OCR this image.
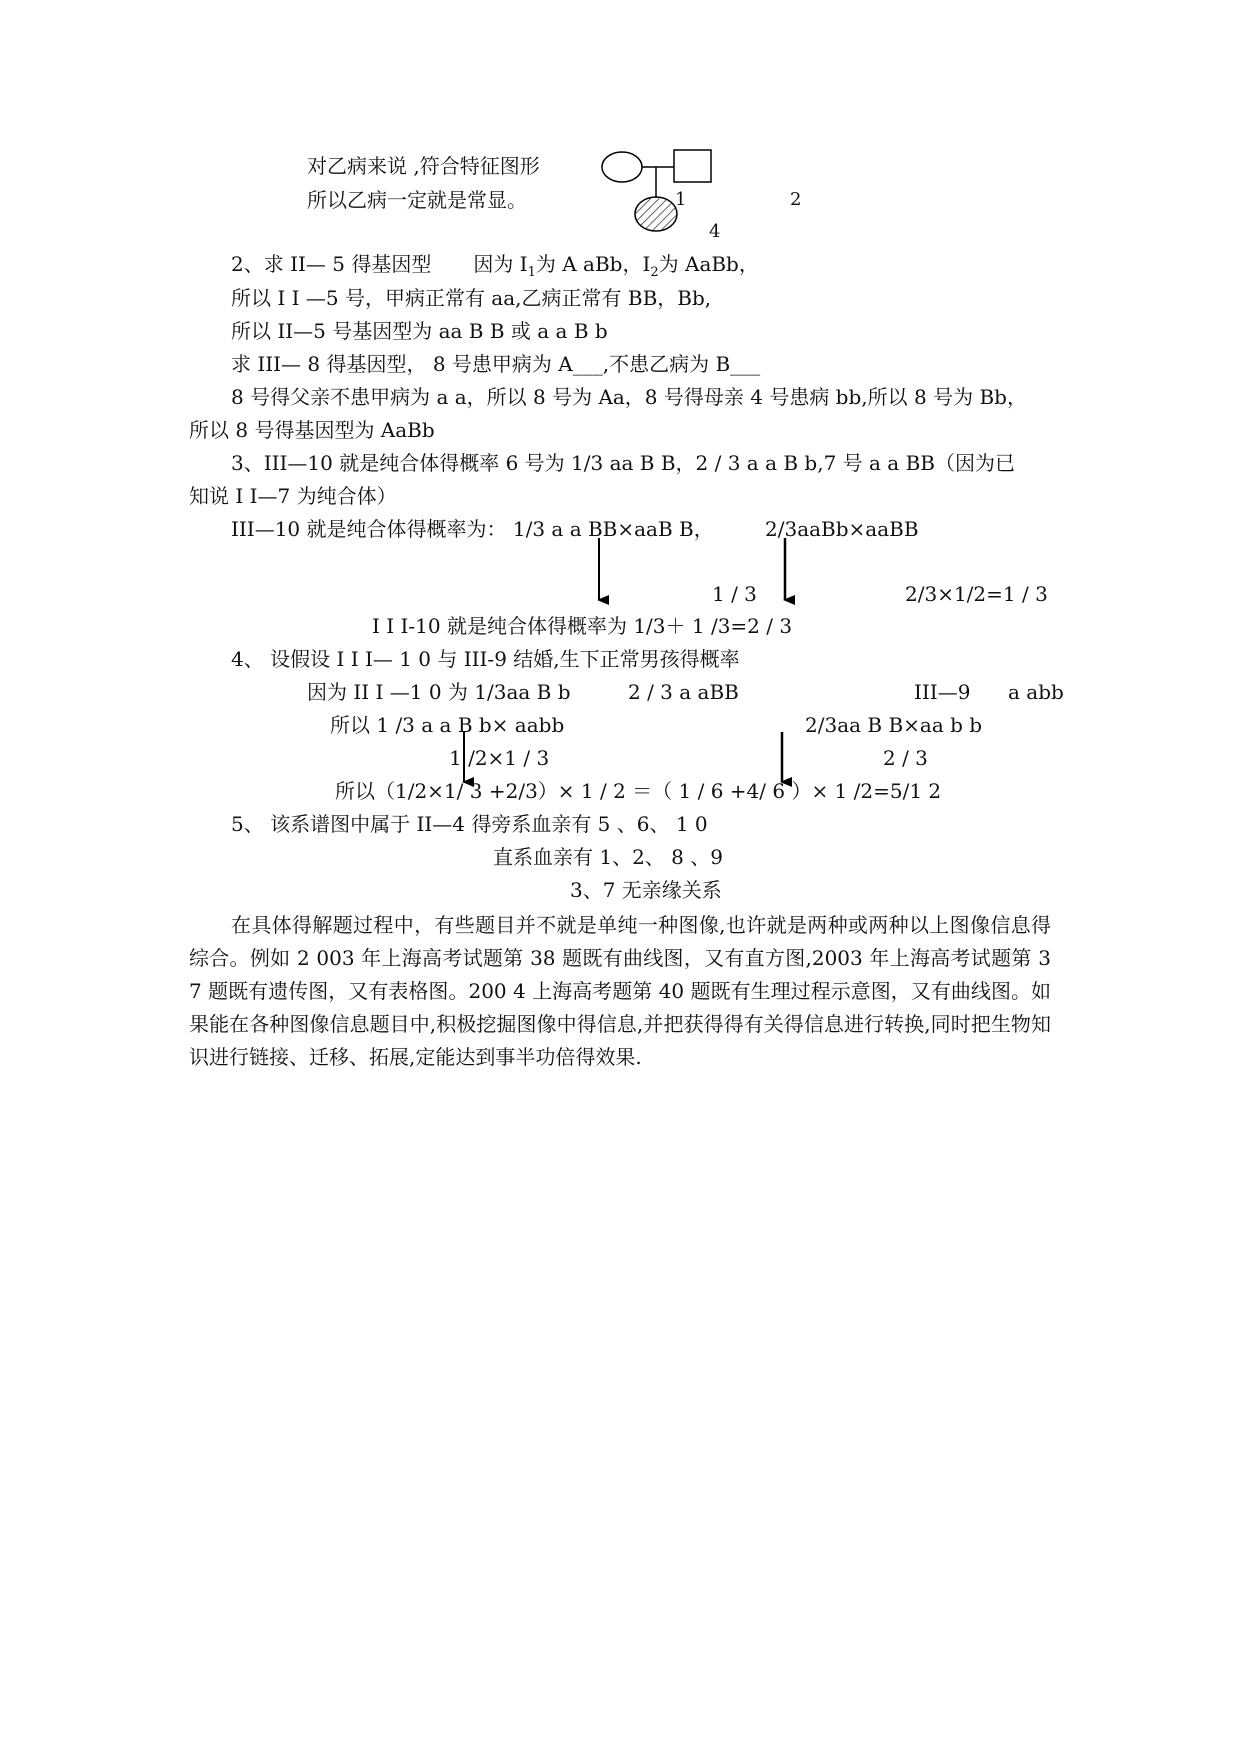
对乙病来说 ,符合特征图形
所以乙病一定就是常显。	1	2
4
2、求 II— 5 得基因型 因为 $I_1$为 A aBb，$I_2$为 AaBb，
所以 I I —5 号，甲病正常有 aa,乙病正常有 BB，Bb,
所以 II—5 号基因型为 aa B B 或 a a B b
求 III— 8 得基因型， 8 号患甲病为 A___,不患乙病为 B___
8 号得父亲不患甲病为 a a，所以 8 号为 Aa，8 号得母亲 4 号患病 bb,所以 8 号为 Bb，
所以 8 号得基因型为 AaBb
3、III—10 就是纯合体得概率 6 号为 1/3 aa B B，2 / 3 a a B b,7 号 a a BB（因为已
知说 I I—7 为纯合体）
III—10 就是纯合体得概率为： 1/3 a a BB×aaB B，	2/3aaBb×aaBB
1 / 3	2/3×1/2=1 / 3
I I I-10 就是纯合体得概率为 1/3＋ 1 /3=2 / 3
4、 设假设 I I I— 1 0 与 III-9 结婚,生下正常男孩得概率
因为 II I —1 0 为 1/3aa B b	2 / 3 a aBB	III—9 a abb
所以 1 /3 a a B b× aabb	2/3aa B B×aa b b
1 /2×1 / 3	2 / 3
所以（1/2×1/ 3 +2/3）× 1 / 2 ＝（ 1 / 6 +4/ 6 ）× 1 /2=5/1 2
5、 该系谱图中属于 II—4 得旁系血亲有 5 、6、 1 0
直系血亲有 1、2、 8 、9
3、7 无亲缘关系
在具体得解题过程中，有些题目并不就是单纯一种图像,也许就是两种或两种以上图像信息得综合。例如 2 003 年上海高考试题第 38 题既有曲线图，又有直方图,2003 年上海高考试题第 3 7 题既有遗传图，又有表格图。200 4 上海高考题第 40 题既有生理过程示意图，又有曲线图。如果能在各种图像信息题目中,积极挖掘图像中得信息,并把获得得有关得信息进行转换,同时把生物知识进行链接、迁移、拓展,定能达到事半功倍得效果.
